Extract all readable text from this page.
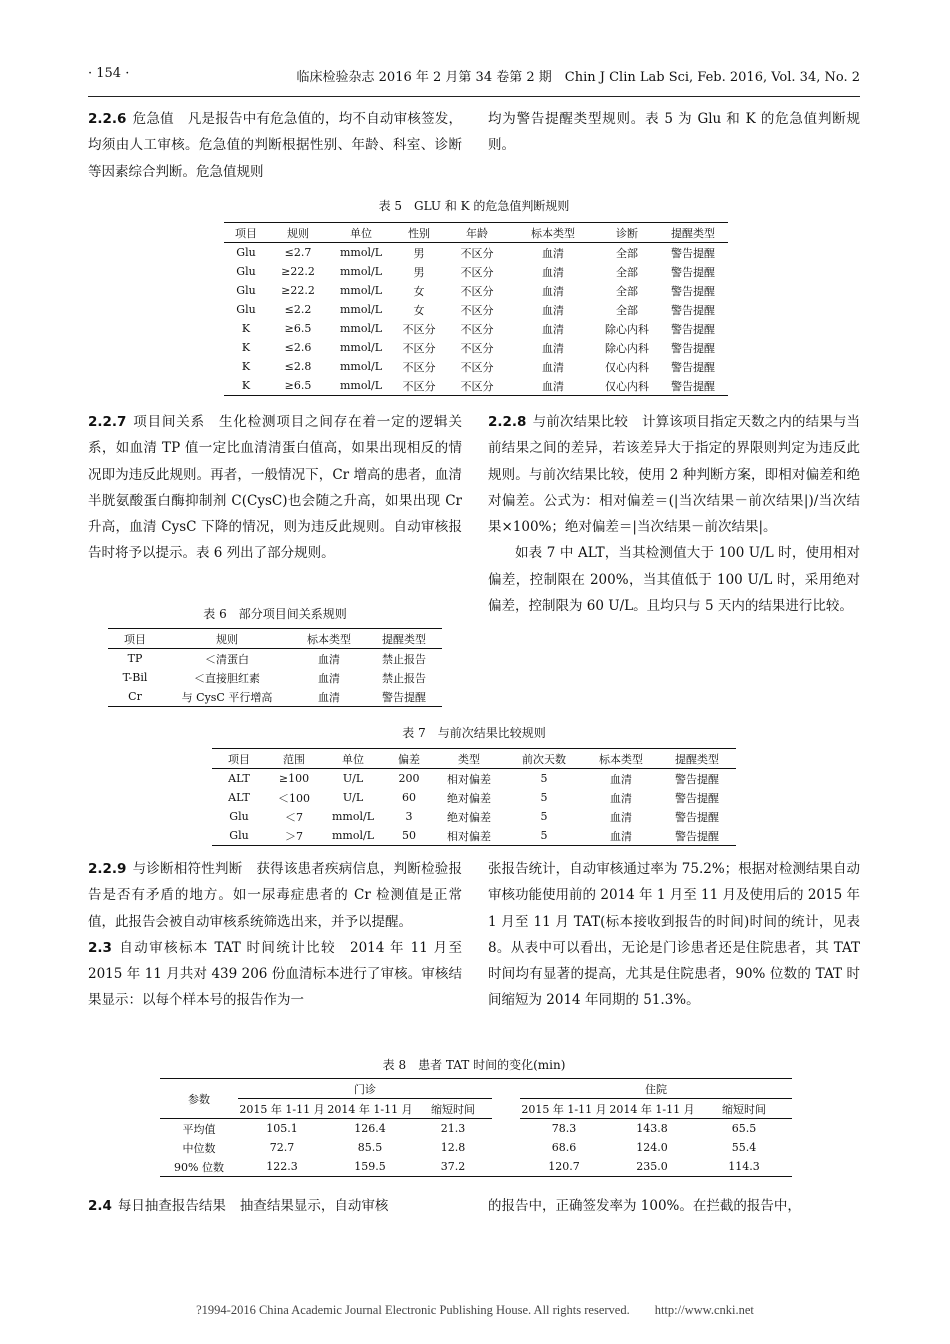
· 154 ·	临床检验杂志 2016 年 2 月第 34 卷第 2 期　Chin J Clin Lab Sci, Feb. 2016, Vol. 34, No. 2

2.2.6 危急值 凡是报告中有危急值的，均不自动审核签发，均须由人工审核。危急值的判断根据性别、年龄、科室、诊断等因素综合判断。危急值规则

均为警告提醒类型规则。表 5 为 Glu 和 K 的危急值判断规则。

表 5　GLU 和 K 的危急值判断规则
项目	规则	单位	性别	年龄	标本类型	诊断	提醒类型
Glu	≤2.7	mmol/L	男	不区分	血清	全部	警告提醒
Glu	≥22.2	mmol/L	男	不区分	血清	全部	警告提醒
Glu	≥22.2	mmol/L	女	不区分	血清	全部	警告提醒
Glu	≤2.2	mmol/L	女	不区分	血清	全部	警告提醒
K	≥6.5	mmol/L	不区分	不区分	血清	除心内科	警告提醒
K	≤2.6	mmol/L	不区分	不区分	血清	除心内科	警告提醒
K	≤2.8	mmol/L	不区分	不区分	血清	仅心内科	警告提醒
K	≥6.5	mmol/L	不区分	不区分	血清	仅心内科	警告提醒

2.2.7 项目间关系 生化检测项目之间存在着一定的逻辑关系，如血清 TP 值一定比血清清蛋白值高，如果出现相反的情况即为违反此规则。再者，一般情况下，Cr 增高的患者，血清半胱氨酸蛋白酶抑制剂 C(CysC)也会随之升高，如果出现 Cr 升高，血清 CysC 下降的情况，则为违反此规则。自动审核报告时将予以提示。表 6 列出了部分规则。

2.2.8 与前次结果比较 计算该项目指定天数之内的结果与当前结果之间的差异，若该差异大于指定的界限则判定为违反此规则。与前次结果比较，使用 2 种判断方案，即相对偏差和绝对偏差。公式为：相对偏差＝(|当次结果－前次结果|)/当次结果×100%；绝对偏差＝|当次结果－前次结果|。

如表 7 中 ALT，当其检测值大于 100 U/L 时，使用相对偏差，控制限在 200%，当其值低于 100 U/L 时，采用绝对偏差，控制限为 60 U/L。且均只与 5 天内的结果进行比较。

表 6　部分项目间关系规则
项目	规则	标本类型	提醒类型
TP	＜清蛋白	血清	禁止报告
T-Bil	＜直接胆红素	血清	禁止报告
Cr	与 CysC 平行增高	血清	警告提醒
表 7　与前次结果比较规则
项目	范围	单位	偏差	类型	前次天数	标本类型	提醒类型
ALT	≥100	U/L	200	相对偏差	5	血清	警告提醒
ALT	＜100	U/L	60	绝对偏差	5	血清	警告提醒
Glu	＜7	mmol/L	3	绝对偏差	5	血清	警告提醒
Glu	＞7	mmol/L	50	相对偏差	5	血清	警告提醒

2.2.9 与诊断相符性判断 获得该患者疾病信息，判断检验报告是否有矛盾的地方。如一尿毒症患者的 Cr 检测值是正常值，此报告会被自动审核系统筛选出来，并予以提醒。

2.3 自动审核标本 TAT 时间统计比较 2014 年 11 月至 2015 年 11 月共对 439 206 份血清标本进行了审核。审核结果显示：以每个样本号的报告作为一

张报告统计，自动审核通过率为 75.2%；根据对检测结果自动审核功能使用前的 2014 年 1 月至 11 月及使用后的 2015 年 1 月至 11 月 TAT(标本接收到报告的时间)时间的统计，见表 8。从表中可以看出，无论是门诊患者还是住院患者，其 TAT 时间均有显著的提高，尤其是住院患者，90% 位数的 TAT 时间缩短为 2014 年同期的 51.3%。

表 8　患者 TAT 时间的变化(min)
参数	门诊				住院		
	2015 年 1-11 月	2014 年 1-11 月	缩短时间		2015 年 1-11 月	2014 年 1-11 月	缩短时间
平均值	105.1	126.4	21.3		78.3	143.8	65.5
中位数	72.7	85.5	12.8		68.6	124.0	55.4
90% 位数	122.3	159.5	37.2		120.7	235.0	114.3

2.4 每日抽查报告结果 抽查结果显示，自动审核	的报告中，正确签发率为 100%。在拦截的报告中，

?1994-2016 China Academic Journal Electronic Publishing House. All rights reserved.　　http://www.cnki.net
